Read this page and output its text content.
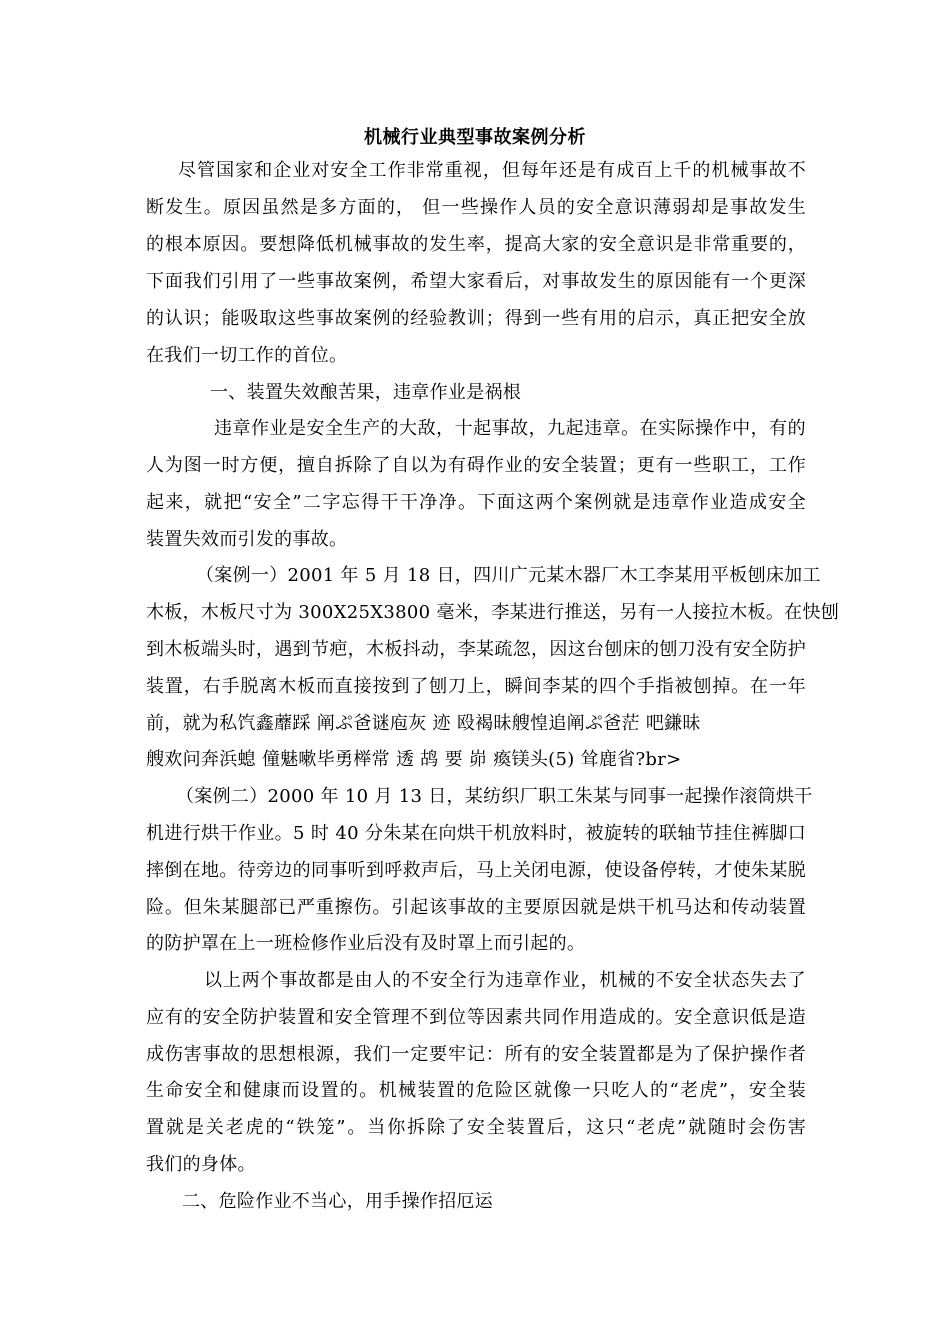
机械行业典型事故案例分析
尽管国家和企业对安全工作非常重视，但每年还是有成百上千的机械事故不
断发生。原因虽然是多方面的， 但一些操作人员的安全意识薄弱却是事故发生
的根本原因。要想降低机械事故的发生率，提高大家的安全意识是非常重要的，
下面我们引用了一些事故案例，希望大家看后，对事故发生的原因能有一个更深
的认识；能吸取这些事故案例的经验教训；得到一些有用的启示，真正把安全放
在我们一切工作的首位。
一、装置失效酿苦果，违章作业是祸根
违章作业是安全生产的大敌，十起事故，九起违章。在实际操作中，有的
人为图一时方便，擅自拆除了自以为有碍作业的安全装置；更有一些职工，工作
起来，就把“安全”二字忘得干干净净。下面这两个案例就是违章作业造成安全
装置失效而引发的事故。
（案例一）2001 年 5 月 18 日，四川广元某木器厂木工李某用平板刨床加工
木板，木板尺寸为 300X25X3800 毫米，李某进行推送，另有一人接拉木板。在快刨
到木板端头时，遇到节疤，木板抖动，李某疏忽，因这台刨床的刨刀没有安全防护
装置，右手脱离木板而直接按到了刨刀上，瞬间李某的四个手指被刨掉。在一年
前，就为私饩鑫蘼踩 阐ぷ爸谜庖灰 迹 殴褐昧艘惶追阐ぷ爸茫 吧鎌昧
艘欢问奔浜螅 僮魅嗽毕勇榉常 透 鸪 要 峁 瘓镁头(5) 耸鹿省?br>
（案例二）2000 年 10 月 13 日，某纺织厂职工朱某与同事一起操作滚筒烘干
机进行烘干作业。5 时 40 分朱某在向烘干机放料时，被旋转的联轴节挂住裤脚口
摔倒在地。待旁边的同事听到呼救声后，马上关闭电源，使设备停转，才使朱某脱
险。但朱某腿部已严重擦伤。引起该事故的主要原因就是烘干机马达和传动装置
的防护罩在上一班检修作业后没有及时罩上而引起的。
以上两个事故都是由人的不安全行为违章作业，机械的不安全状态失去了
应有的安全防护装置和安全管理不到位等因素共同作用造成的。安全意识低是造
成伤害事故的思想根源，我们一定要牢记：所有的安全装置都是为了保护操作者
生命安全和健康而设置的。机械装置的危险区就像一只吃人的“老虎”，安全装
置就是关老虎的“铁笼”。当你拆除了安全装置后，这只“老虎”就随时会伤害
我们的身体。
二、危险作业不当心，用手操作招厄运
